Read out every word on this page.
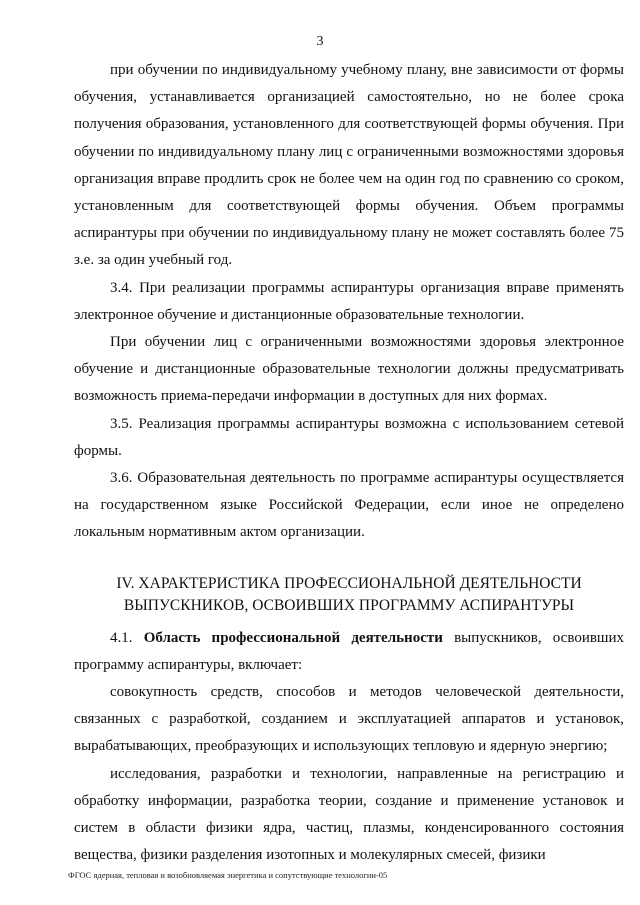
3

при обучении по индивидуальному учебному плану, вне зависимости от формы обучения, устанавливается организацией самостоятельно, но не более срока получения образования, установленного для соответствующей формы обучения. При обучении по индивидуальному плану лиц с ограниченными возможностями здоровья организация вправе продлить срок не более чем на один год по сравнению со сроком, установленным для соответствующей формы обучения. Объем программы аспирантуры при обучении по индивидуальному плану не может составлять более 75 з.е. за один учебный год.

3.4. При реализации программы аспирантуры организация вправе применять электронное обучение и дистанционные образовательные технологии.

При обучении лиц с ограниченными возможностями здоровья электронное обучение и дистанционные образовательные технологии должны предусматривать возможность приема-передачи информации в доступных для них формах.

3.5. Реализация программы аспирантуры возможна с использованием сетевой формы.

3.6. Образовательная деятельность по программе аспирантуры осуществляется на государственном языке Российской Федерации, если иное не определено локальным нормативным актом организации.

IV. ХАРАКТЕРИСТИКА ПРОФЕССИОНАЛЬНОЙ ДЕЯТЕЛЬНОСТИ
ВЫПУСКНИКОВ, ОСВОИВШИХ ПРОГРАММУ АСПИРАНТУРЫ

4.1. Область профессиональной деятельности выпускников, освоивших программу аспирантуры, включает:

совокупность средств, способов и методов человеческой деятельности, связанных с разработкой, созданием и эксплуатацией аппаратов и установок, вырабатывающих, преобразующих и использующих тепловую и ядерную энергию;

исследования, разработки и технологии, направленные на регистрацию и обработку информации, разработка теории, создание и применение установок и систем в области физики ядра, частиц, плазмы, конденсированного состояния вещества, физики разделения изотопных и молекулярных смесей, физики

ФГОС ядерная, тепловая и возобновляемая энергетика и сопутствующие технологии-05
